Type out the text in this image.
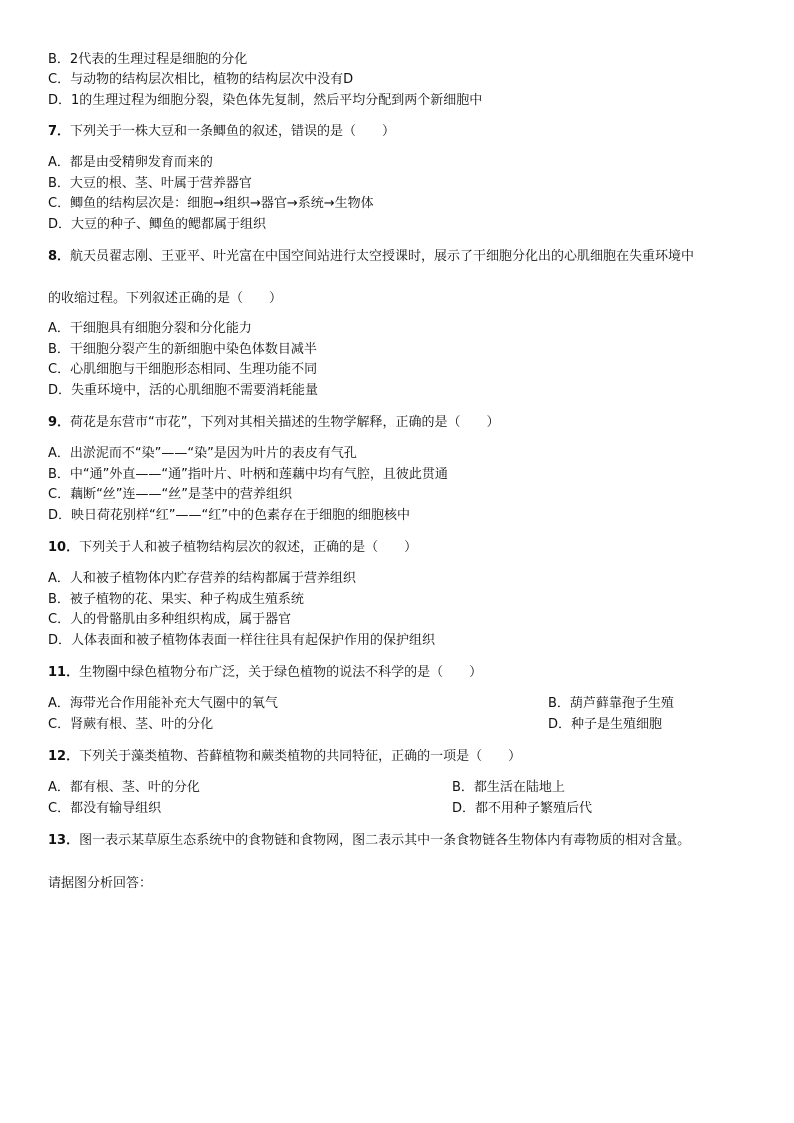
B．2代表的生理过程是细胞的分化
C．与动物的结构层次相比，植物的结构层次中没有D
D．1的生理过程为细胞分裂，染色体先复制，然后平均分配到两个新细胞中
7．下列关于一株大豆和一条鲫鱼的叙述，错误的是（　　）
A．都是由受精卵发育而来的
B．大豆的根、茎、叶属于营养器官
C．鲫鱼的结构层次是：细胞→组织→器官→系统→生物体
D．大豆的种子、鲫鱼的鳃都属于组织
8．航天员翟志刚、王亚平、叶光富在中国空间站进行太空授课时，展示了干细胞分化出的心肌细胞在失重环境中
的收缩过程。下列叙述正确的是（　　）
A．干细胞具有细胞分裂和分化能力
B．干细胞分裂产生的新细胞中染色体数目减半
C．心肌细胞与干细胞形态相同、生理功能不同
D．失重环境中，活的心肌细胞不需要消耗能量
9．荷花是东营市“市花”，下列对其相关描述的生物学解释，正确的是（　　）
A．出淤泥而不“染”——“染”是因为叶片的表皮有气孔
B．中“通”外直——“通”指叶片、叶柄和莲藕中均有气腔，且彼此贯通
C．藕断“丝”连——“丝”是茎中的营养组织
D．映日荷花别样“红”——“红”中的色素存在于细胞的细胞核中
10．下列关于人和被子植物结构层次的叙述，正确的是（　　）
A．人和被子植物体内贮存营养的结构都属于营养组织
B．被子植物的花、果实、种子构成生殖系统
C．人的骨骼肌由多种组织构成，属于器官
D．人体表面和被子植物体表面一样往往具有起保护作用的保护组织
11．生物圈中绿色植物分布广泛，关于绿色植物的说法不科学的是（　　）
A．海带光合作用能补充大气圈中的氧气	B．葫芦藓靠孢子生殖
C．肾蕨有根、茎、叶的分化	D．种子是生殖细胞
12．下列关于藻类植物、苔藓植物和蕨类植物的共同特征，正确的一项是（　　）
A．都有根、茎、叶的分化	B．都生活在陆地上
C．都没有输导组织	D．都不用种子繁殖后代
13．图一表示某草原生态系统中的食物链和食物网，图二表示其中一条食物链各生物体内有毒物质的相对含量。
请据图分析回答：
